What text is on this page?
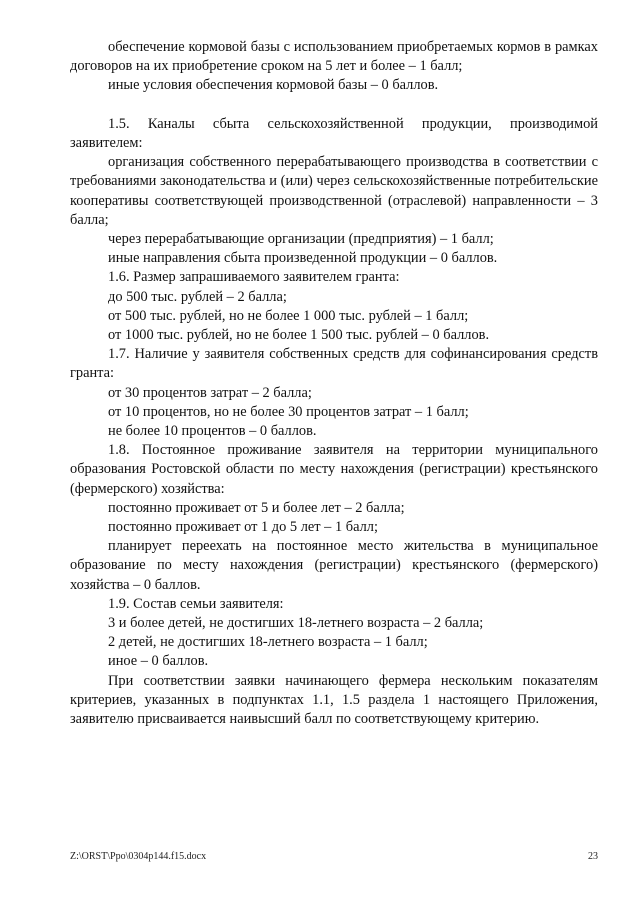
обеспечение кормовой базы с использованием приобретаемых кормов в рамках договоров на их приобретение сроком на 5 лет и более – 1 балл;

иные условия обеспечения кормовой базы – 0 баллов.

1.5. Каналы сбыта сельскохозяйственной продукции, производимой заявителем:

организация собственного перерабатывающего производства в соответствии с требованиями законодательства и (или) через сельскохозяйственные потребительские кооперативы соответствующей производственной (отраслевой) направленности – 3 балла;

через перерабатывающие организации (предприятия) – 1 балл;

иные направления сбыта произведенной продукции – 0 баллов.

1.6. Размер запрашиваемого заявителем гранта:

до 500 тыс. рублей – 2 балла;

от 500 тыс. рублей, но не более 1 000 тыс. рублей – 1 балл;

от 1000 тыс. рублей, но не более 1 500 тыс. рублей – 0 баллов.

1.7. Наличие у заявителя собственных средств для софинансирования средств гранта:

от 30 процентов затрат – 2 балла;

от 10 процентов, но не более 30 процентов затрат – 1 балл;

не более 10 процентов – 0 баллов.

1.8. Постоянное проживание заявителя на территории муниципального образования Ростовской области по месту нахождения (регистрации) крестьянского (фермерского) хозяйства:

постоянно проживает от 5 и более лет – 2 балла;

постоянно проживает от 1 до 5 лет – 1 балл;

планирует переехать на постоянное место жительства в муниципальное образование по месту нахождения (регистрации) крестьянского (фермерского) хозяйства – 0 баллов.

1.9. Состав семьи заявителя:

3 и более детей, не достигших 18-летнего возраста – 2 балла;

2 детей, не достигших 18-летнего возраста – 1 балл;

иное – 0 баллов.

При соответствии заявки начинающего фермера нескольким показателям критериев, указанных в подпунктах 1.1, 1.5 раздела 1 настоящего Приложения, заявителю присваивается наивысший балл по соответствующему критерию.

Z:\ORST\Ppo\0304p144.f15.docx	23
